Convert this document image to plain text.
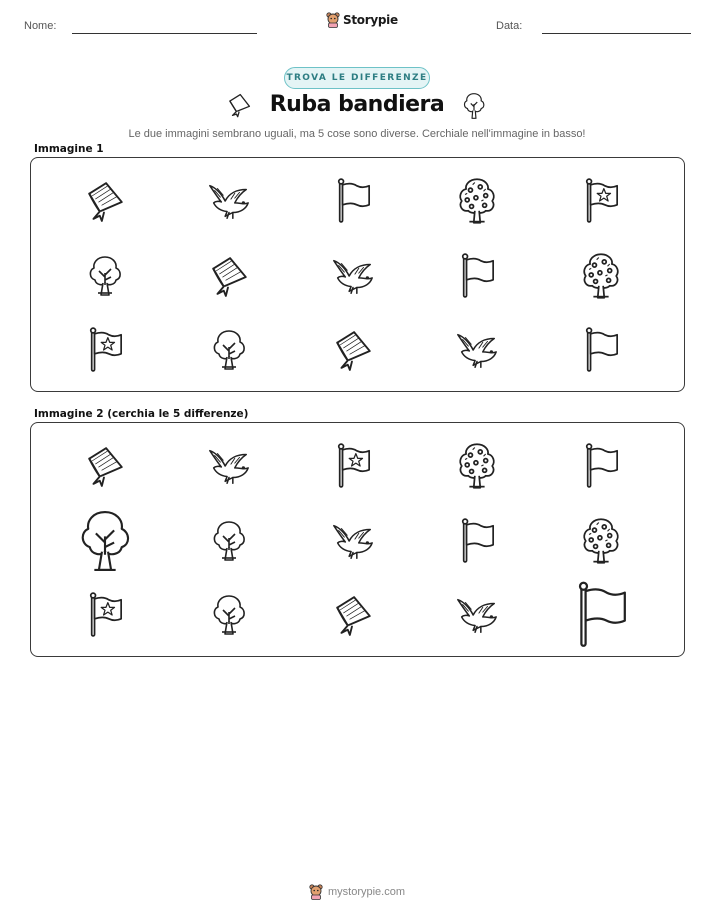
Nome:	Storypie	Data:
TROVA LE DIFFERENZE
Ruba bandiera
Le due immagini sembrano uguali, ma 5 cose sono diverse. Cerchiale nell'immagine in basso!
Immagine 1
Immagine 2 (cerchia le 5 differenze)
mystorypie.com
